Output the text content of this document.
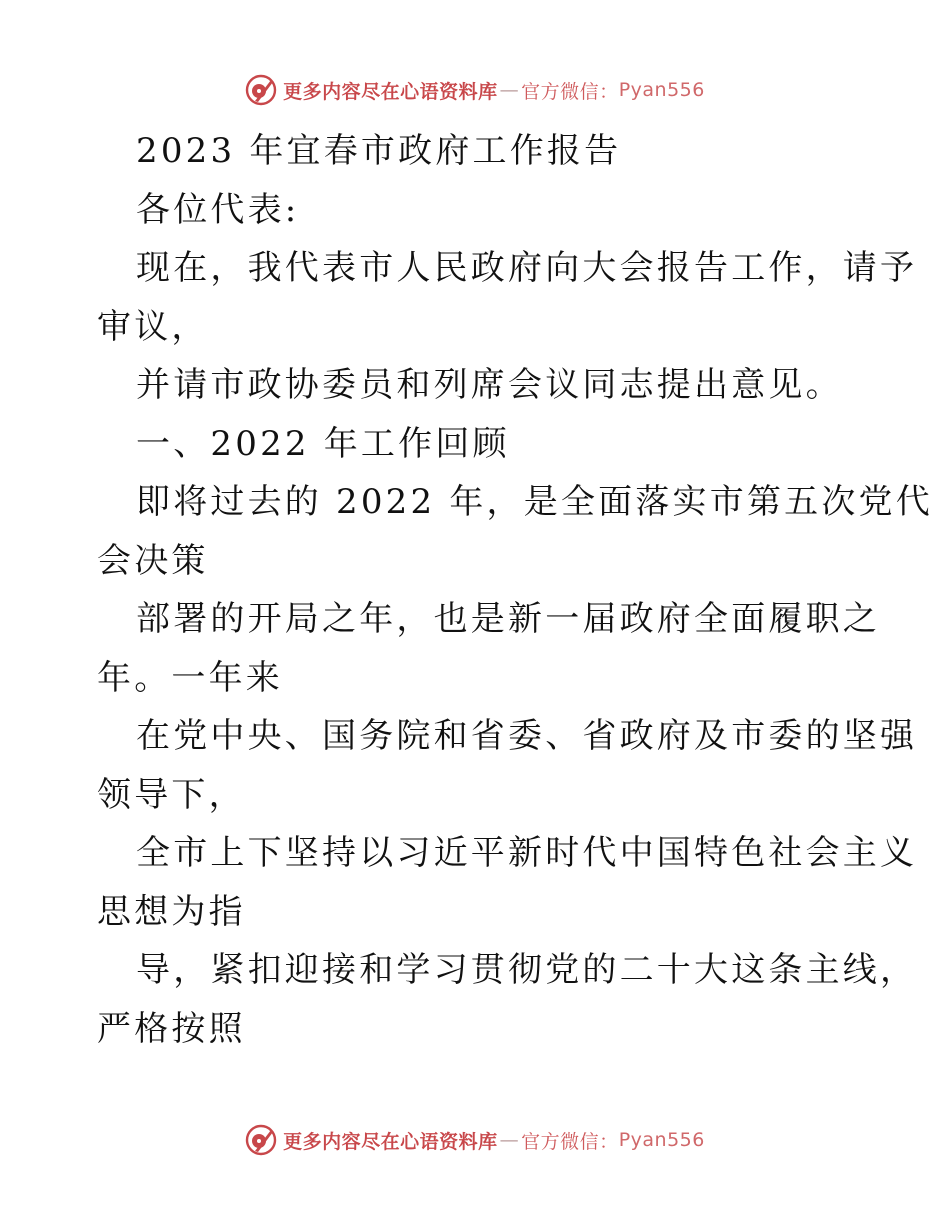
更多内容尽在心语资料库 — 官方微信： Pyan556
2023 年宜春市政府工作报告
各位代表:
现在，我代表市人民政府向大会报告工作，请予
审议，
并请市政协委员和列席会议同志提出意见。
一、2022 年工作回顾
即将过去的 2022 年，是全面落实市第五次党代
会决策
部署的开局之年，也是新一届政府全面履职之
年。一年来
在党中央、国务院和省委、省政府及市委的坚强
领导下，
全市上下坚持以习近平新时代中国特色社会主义
思想为指
导，紧扣迎接和学习贯彻党的二十大这条主线，
严格按照
更多内容尽在心语资料库 — 官方微信： Pyan556
